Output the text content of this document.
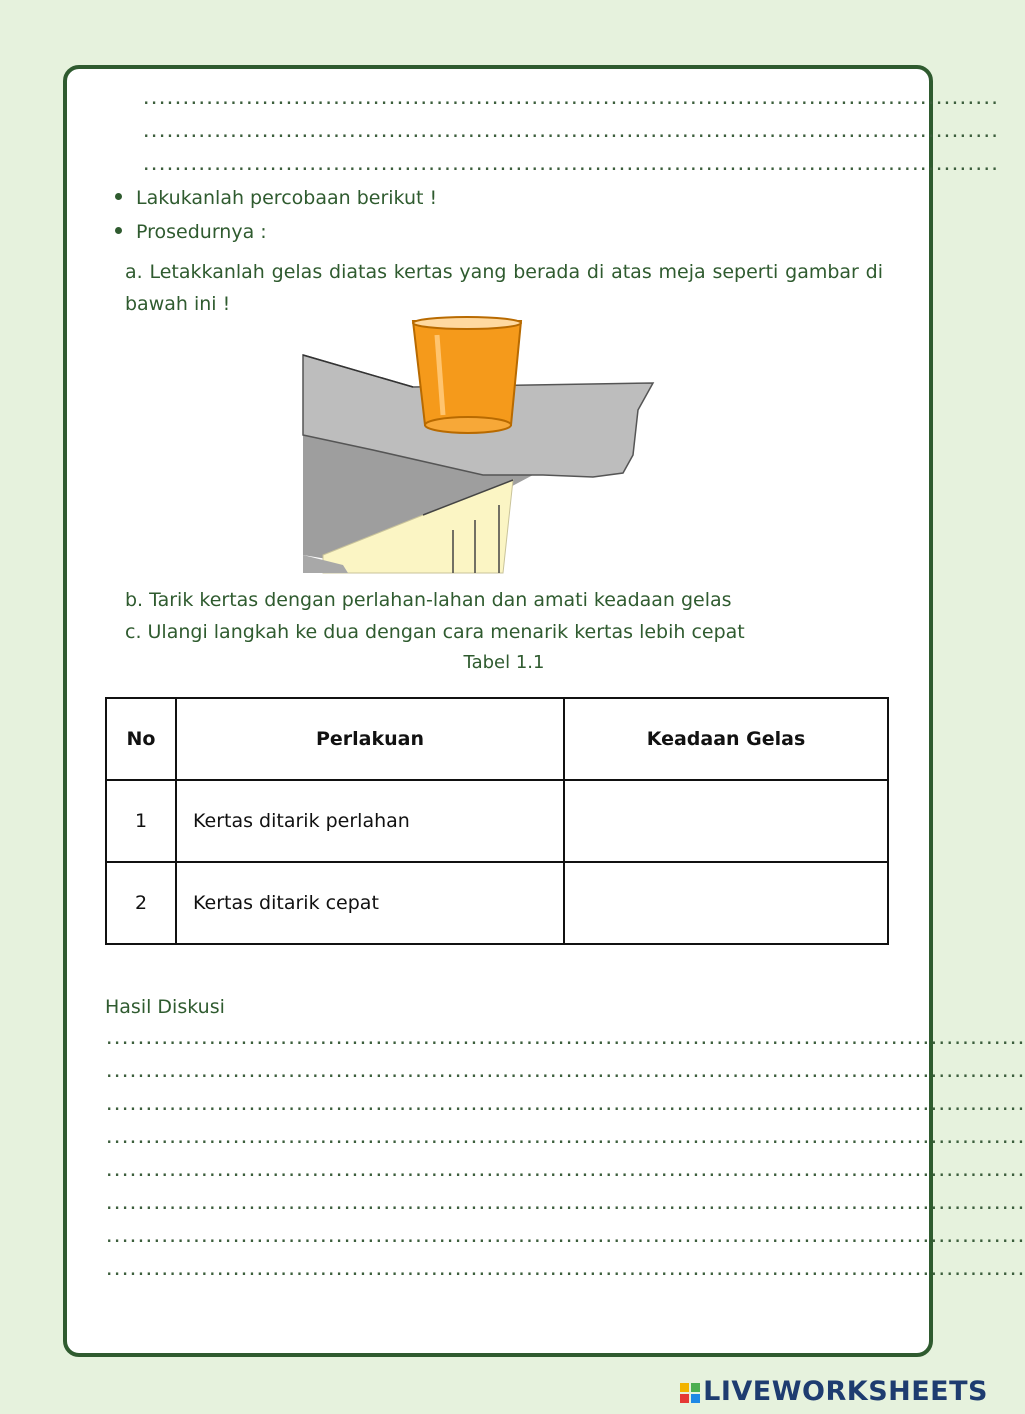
............................................................................................................
............................................................................................................
............................................................................................................
Lakukanlah percobaan berikut !
Prosedurnya :
a. Letakkanlah gelas diatas kertas yang berada di atas meja seperti gambar di bawah ini !
b. Tarik kertas dengan perlahan-lahan dan amati keadaan gelas
c. Ulangi langkah ke dua dengan cara menarik kertas lebih cepat
Tabel 1.1
No	Perlakuan	Keadaan Gelas
1	Kertas ditarik perlahan	
2	Kertas ditarik cepat	
Hasil Diskusi
....................................................................................................................
....................................................................................................................
....................................................................................................................
....................................................................................................................
....................................................................................................................
....................................................................................................................
....................................................................................................................
....................................................................................................................

LIVEWORKSHEETS
